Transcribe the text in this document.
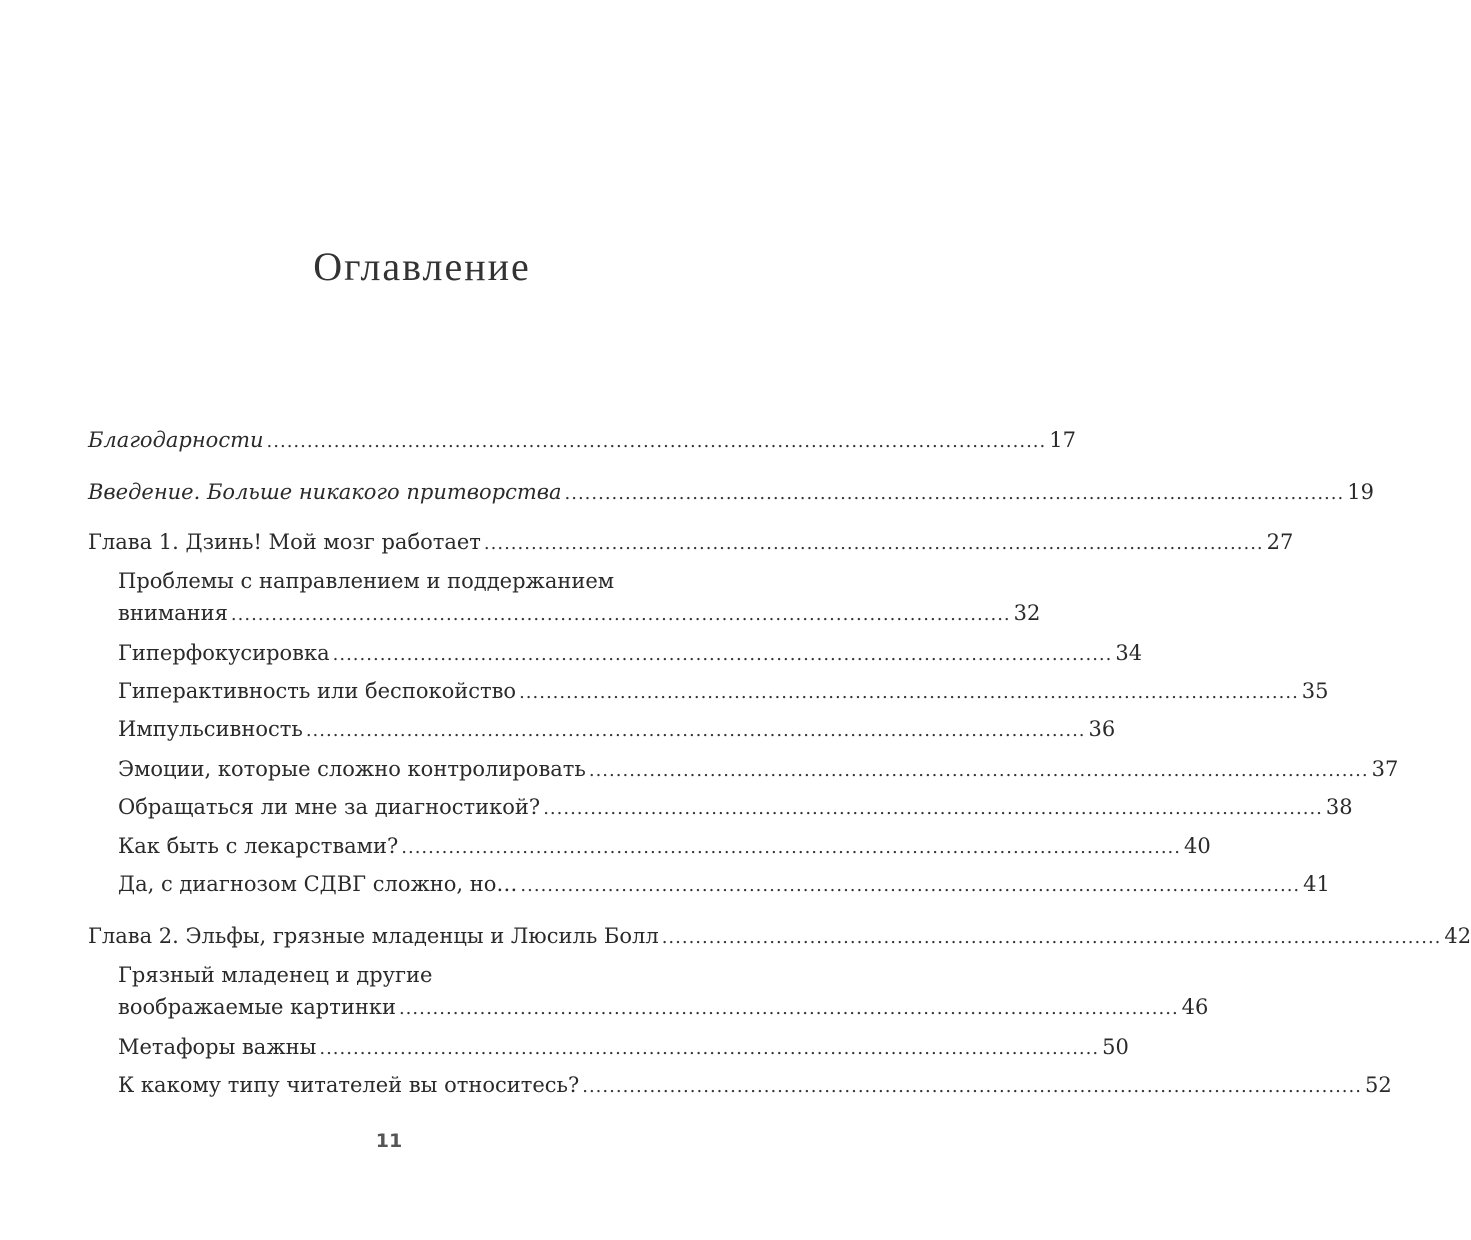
Оглавление
Благодарности .................................................................................................................... 17
Введение. Больше никакого притворства .................................................................................................................... 19
Глава 1. Дзинь! Мой мозг работает .................................................................................................................... 27
Проблемы с направлением и поддержанием
внимания .................................................................................................................... 32
Гиперфокусировка .................................................................................................................... 34
Гиперактивность или беспокойство .................................................................................................................... 35
Импульсивность .................................................................................................................... 36
Эмоции, которые сложно контролировать .................................................................................................................... 37
Обращаться ли мне за диагностикой? .................................................................................................................... 38
Как быть с лекарствами? .................................................................................................................... 40
Да, с диагнозом СДВГ сложно, но… .................................................................................................................... 41
Глава 2. Эльфы, грязные младенцы и Люсиль Болл .................................................................................................................... 42
Грязный младенец и другие
воображаемые картинки .................................................................................................................... 46
Метафоры важны .................................................................................................................... 50
К какому типу читателей вы относитесь? .................................................................................................................... 52
11
